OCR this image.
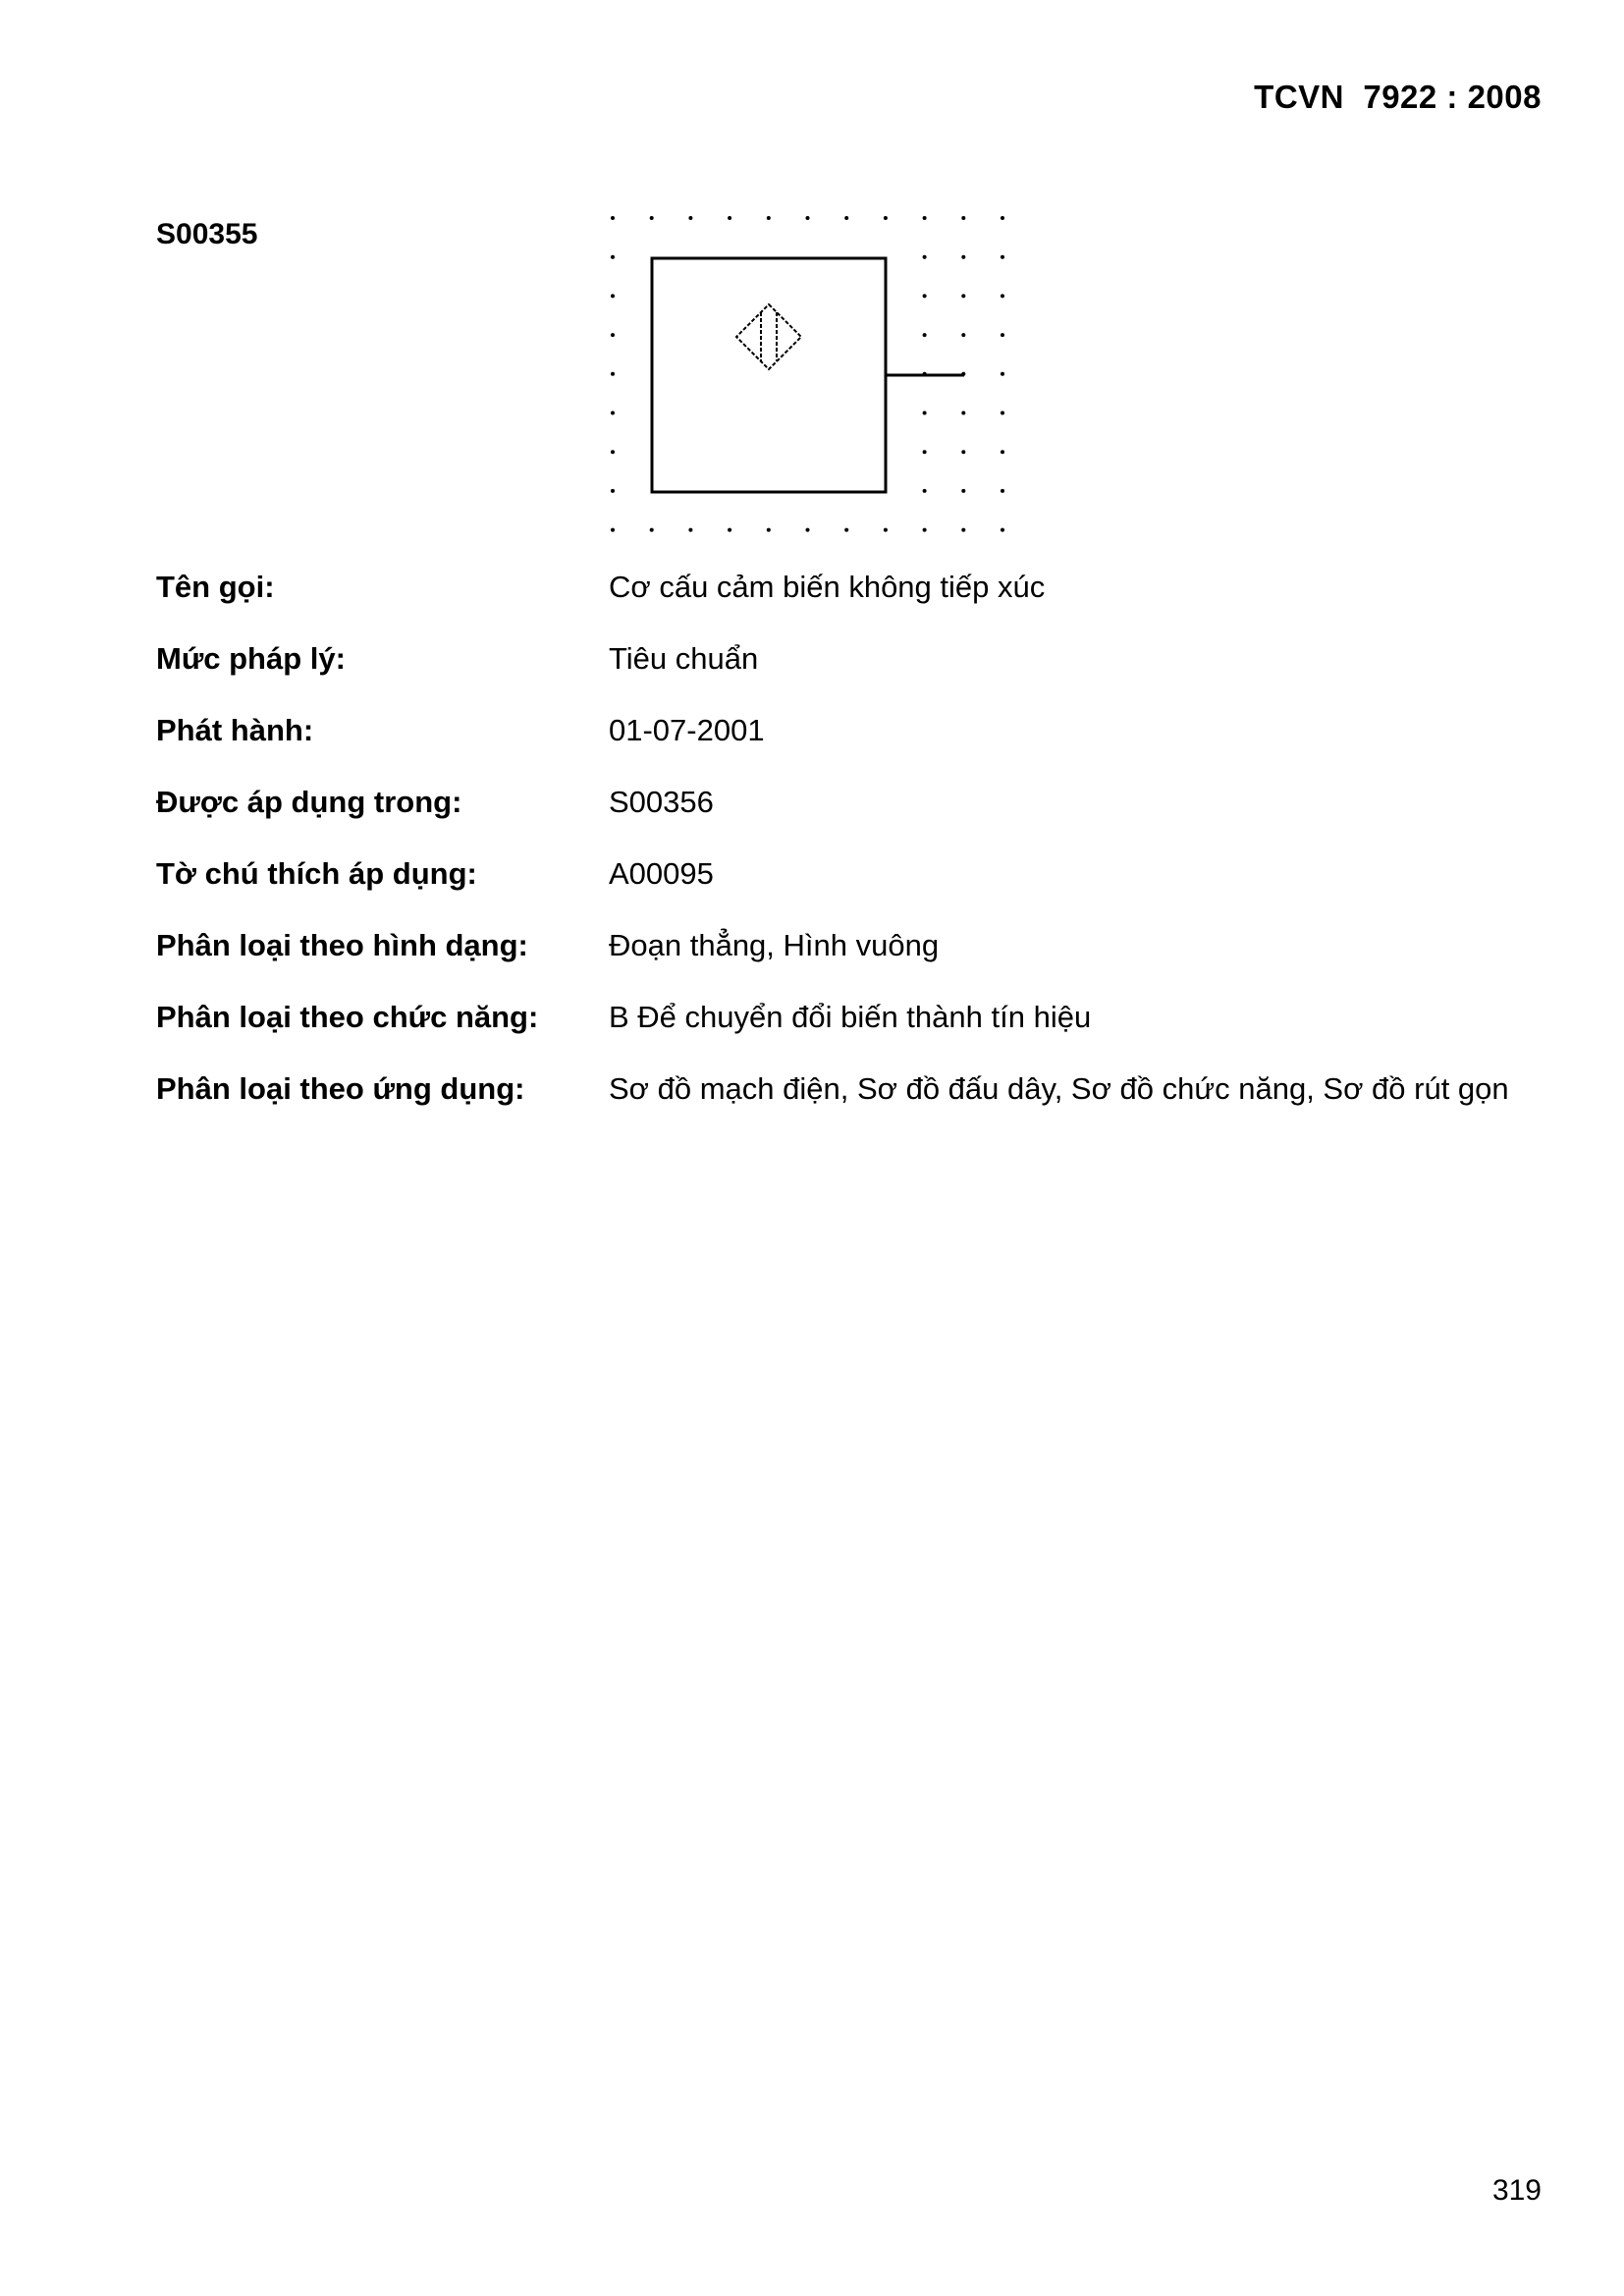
TCVN  7922 : 2008
S00355
Tên gọi:	Cơ cấu cảm biến không tiếp xúc
Mức pháp lý:	Tiêu chuẩn
Phát hành:	01-07-2001
Được áp dụng trong:	S00356
Tờ chú thích áp dụng:	A00095
Phân loại theo hình dạng:	Đoạn thẳng, Hình vuông
Phân loại theo chức năng: B Để chuyển đổi biến thành tín hiệu
Phân loại theo ứng dụng:	Sơ đồ mạch điện, Sơ đồ đấu dây, Sơ đồ chức năng, Sơ đồ rút gọn
319
